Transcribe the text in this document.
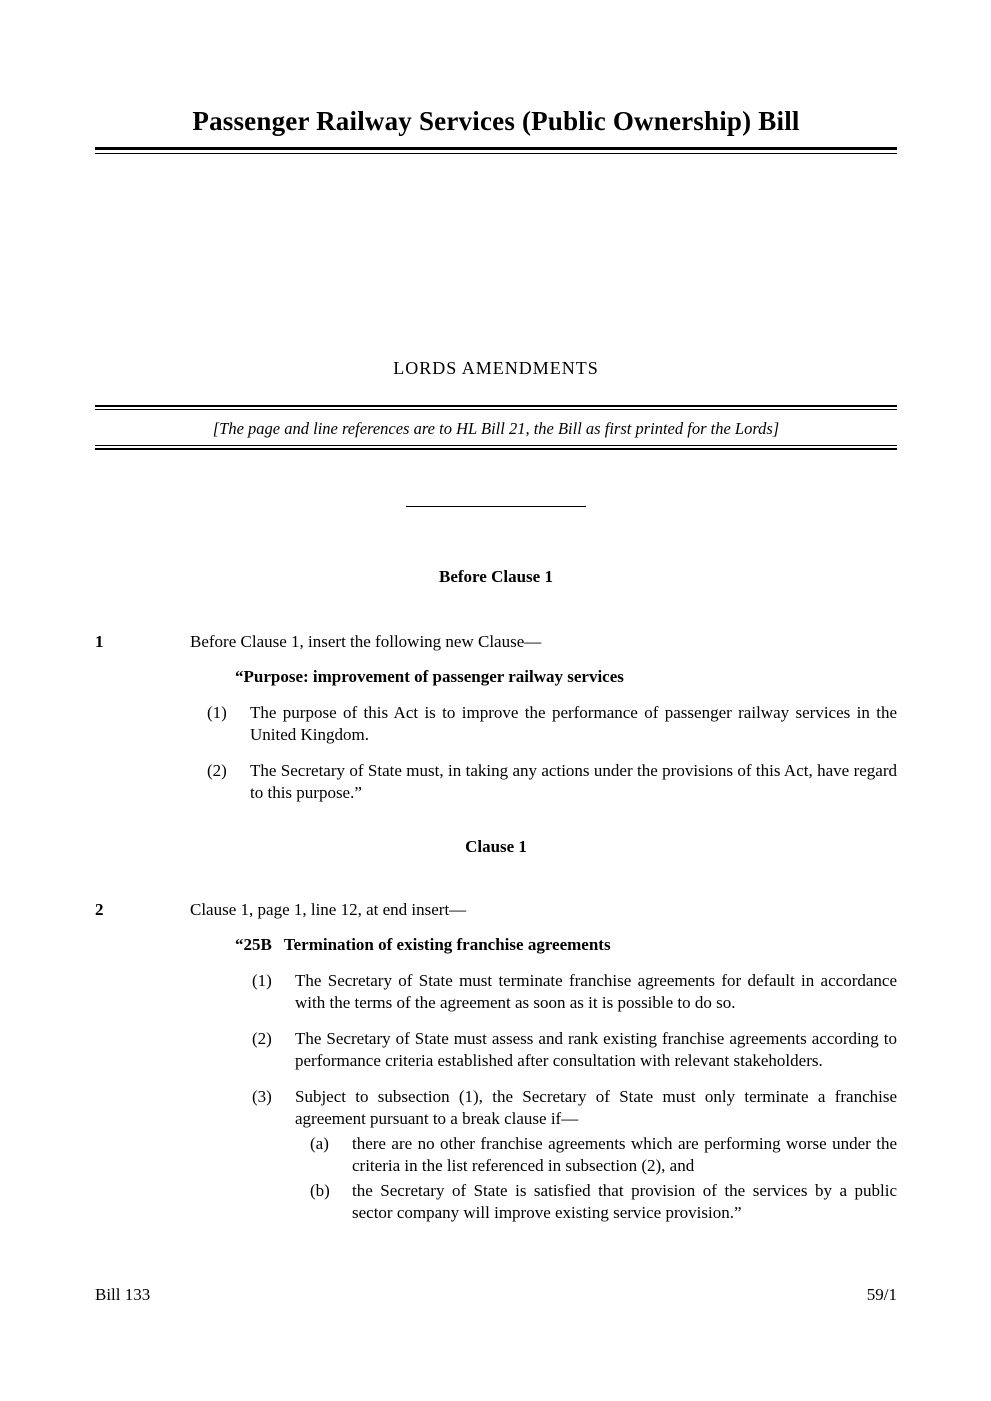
Passenger Railway Services (Public Ownership) Bill
LORDS AMENDMENTS
[The page and line references are to HL Bill 21, the Bill as first printed for the Lords]
Before Clause 1
1	Before Clause 1, insert the following new Clause—
“Purpose: improvement of passenger railway services
(1)	The purpose of this Act is to improve the performance of passenger railway services in the United Kingdom.
(2)	The Secretary of State must, in taking any actions under the provisions of this Act, have regard to this purpose.”
Clause 1
2	Clause 1, page 1, line 12, at end insert—
“25B Termination of existing franchise agreements
(1)	The Secretary of State must terminate franchise agreements for default in accordance with the terms of the agreement as soon as it is possible to do so.
(2)	The Secretary of State must assess and rank existing franchise agreements according to performance criteria established after consultation with relevant stakeholders.
(3)	Subject to subsection (1), the Secretary of State must only terminate a franchise agreement pursuant to a break clause if—
(a)	there are no other franchise agreements which are performing worse under the criteria in the list referenced in subsection (2), and
(b)	the Secretary of State is satisfied that provision of the services by a public sector company will improve existing service provision.”
Bill 133	59/1
